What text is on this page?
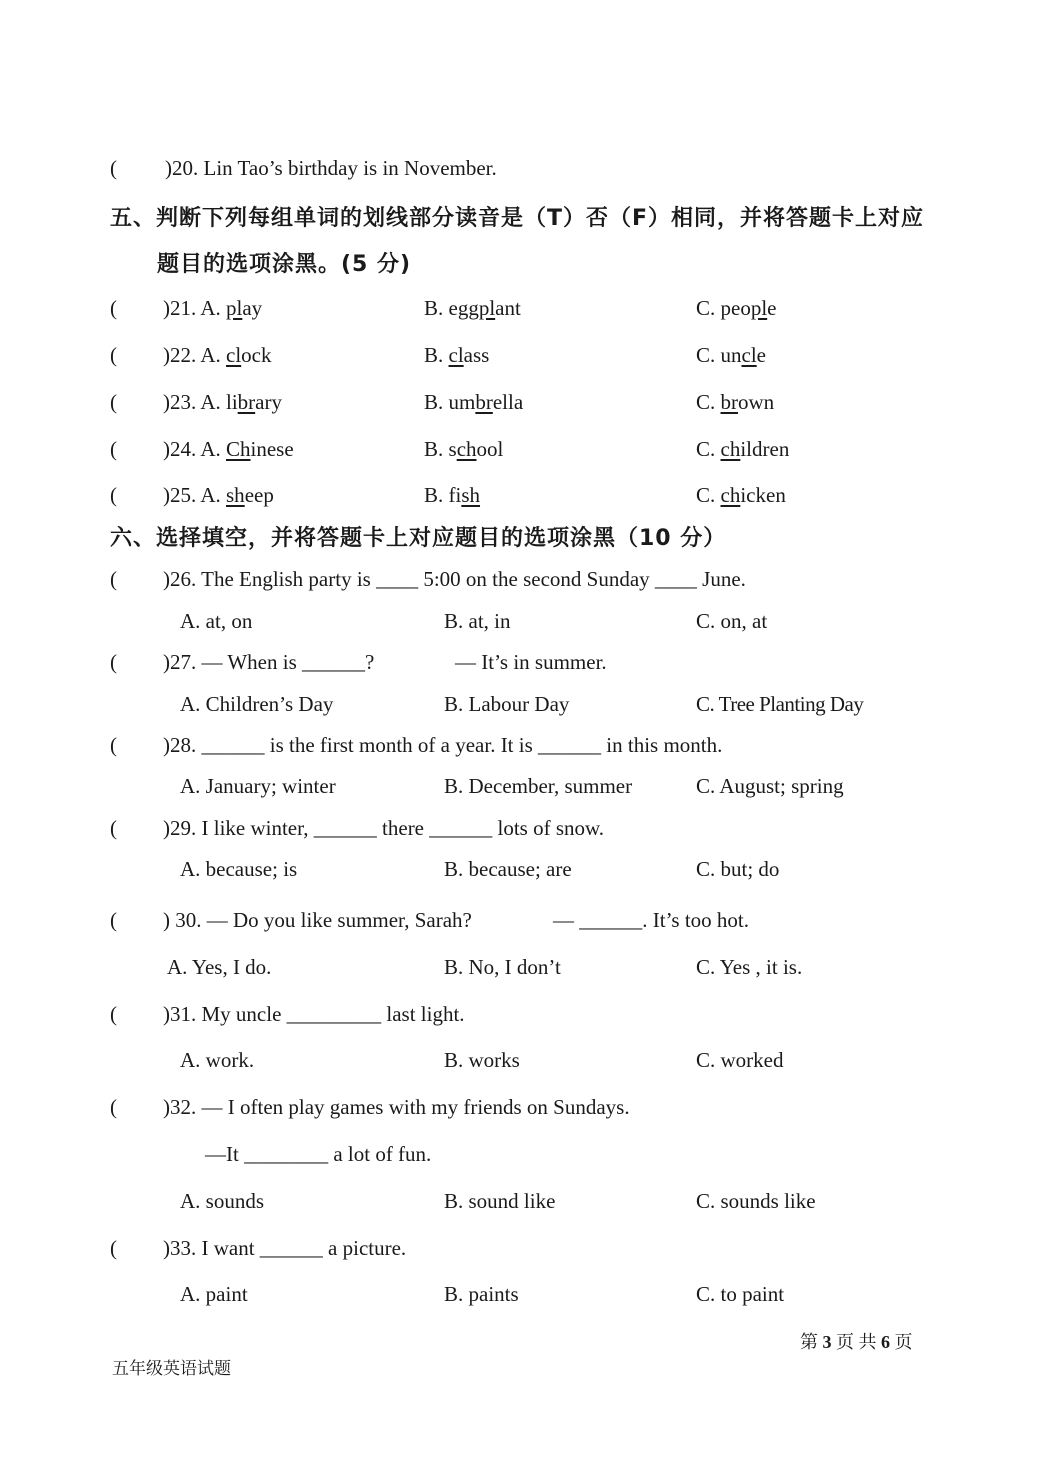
( )20. Lin Tao’s birthday is in November.
五、判断下列每组单词的划线部分读音是（T）否（F）相同，并将答题卡上对应
题目的选项涂黑。(5 分)
( )21. A. play	B. eggplant	C. people
( )22. A. clock	B. class	C. uncle
( )23. A. library	B. umbrella	C. brown
( )24. A. Chinese	B. school	C. children
( )25. A. sheep	B. fish	C. chicken
六、选择填空，并将答题卡上对应题目的选项涂黑（10 分）
( )26. The English party is ____ 5:00 on the second Sunday ____ June.
A. at, on	B. at, in	C. on, at
( )27. — When is ______?	— It’s in summer.
A. Children’s Day	B. Labour Day	C. Tree Planting Day
( )28. ______ is the first month of a year. It is ______ in this month.
A. January; winter	B. December, summer	C. August; spring
( )29. I like winter, ______ there ______ lots of snow.
A. because; is	B. because; are	C. but; do
( ) 30. — Do you like summer, Sarah?	— ______. It’s too hot.
A. Yes, I do.	B. No, I don’t	C. Yes , it is.
( )31. My uncle _________ last light.
A. work.	B. works	C. worked
( )32. — I often play games with my friends on Sundays.
—It ________ a lot of fun.
A. sounds	B. sound like	C. sounds like
( )33. I want ______ a picture.
A. paint	B. paints	C. to paint
第 3 页 共 6 页
五年级英语试题
